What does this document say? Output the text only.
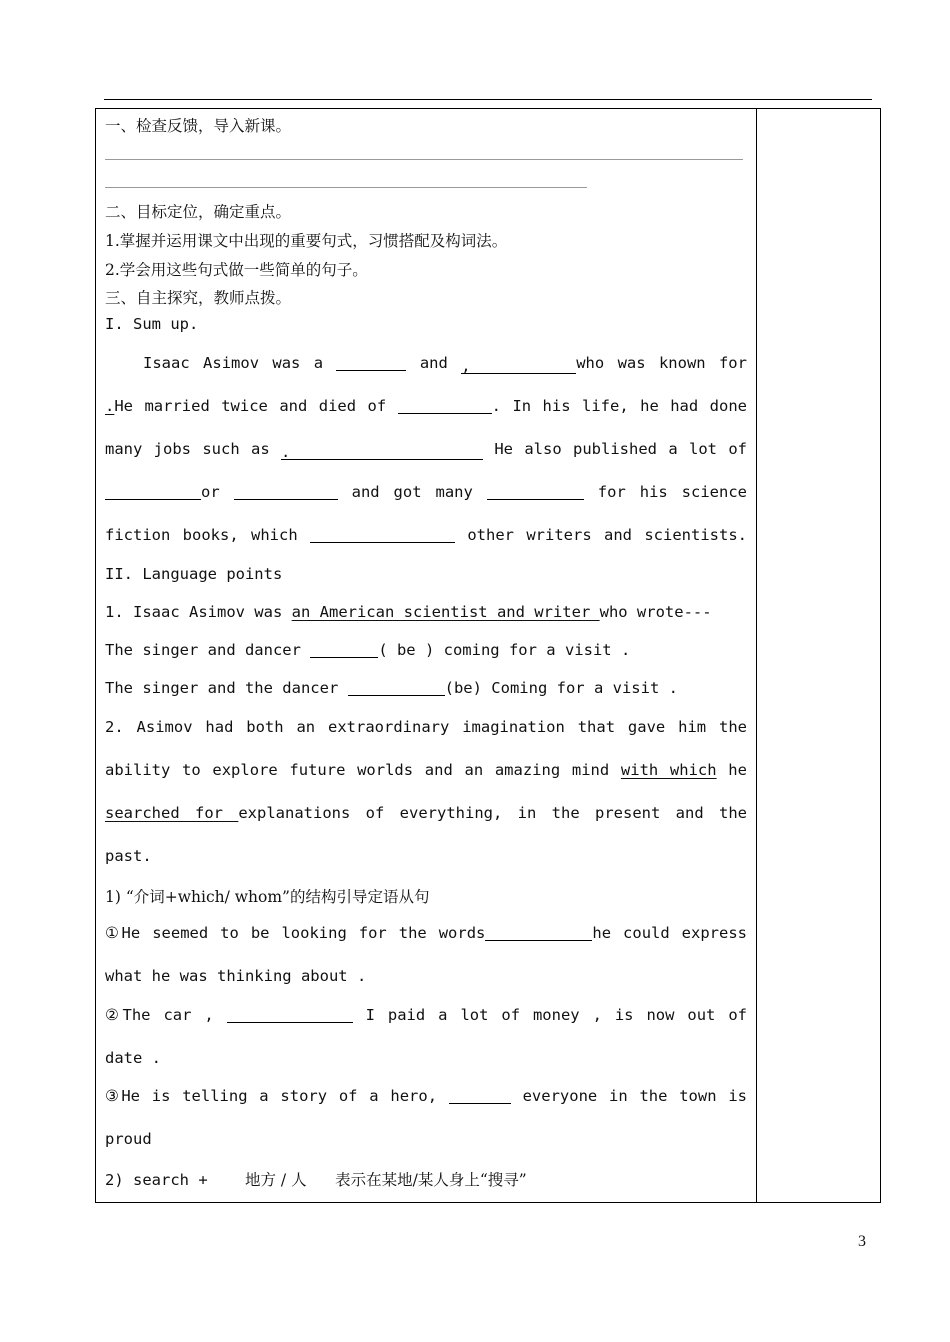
一、检查反馈，导入新课。
二、目标定位，确定重点。
1.掌握并运用课文中出现的重要句式，习惯搭配及构词法。
2.学会用这些句式做一些简单的句子。
三、自主探究，教师点拨。
I. Sum up.
Isaac Asimov was a	and ,	who was known for
.He married twice and died of	. In his life, he had done
many jobs such as .	He also published a lot of
or	and got many	for his science
fiction books, which	other writers and scientists.
II. Language points
1. Isaac Asimov was an American scientist and writer who wrote---
The singer and dancer	( be ) coming for a visit .
The singer and the dancer	(be) Coming for a visit .
2. Asimov had both an extraordinary imagination that gave him the
ability to explore future worlds and an amazing mind with which he
searched for explanations of everything, in the present and the
past.
1) “介词+which/ whom”的结构引导定语从句
①He seemed to be looking for the words	he could express
what he was thinking about .
②The car ,	I paid a lot of money , is now out of
date .
③He is telling a story of a hero,	everyone in the town is
proud
2) search +    地方 / 人    表示在某地/某人身上“搜寻”
3
